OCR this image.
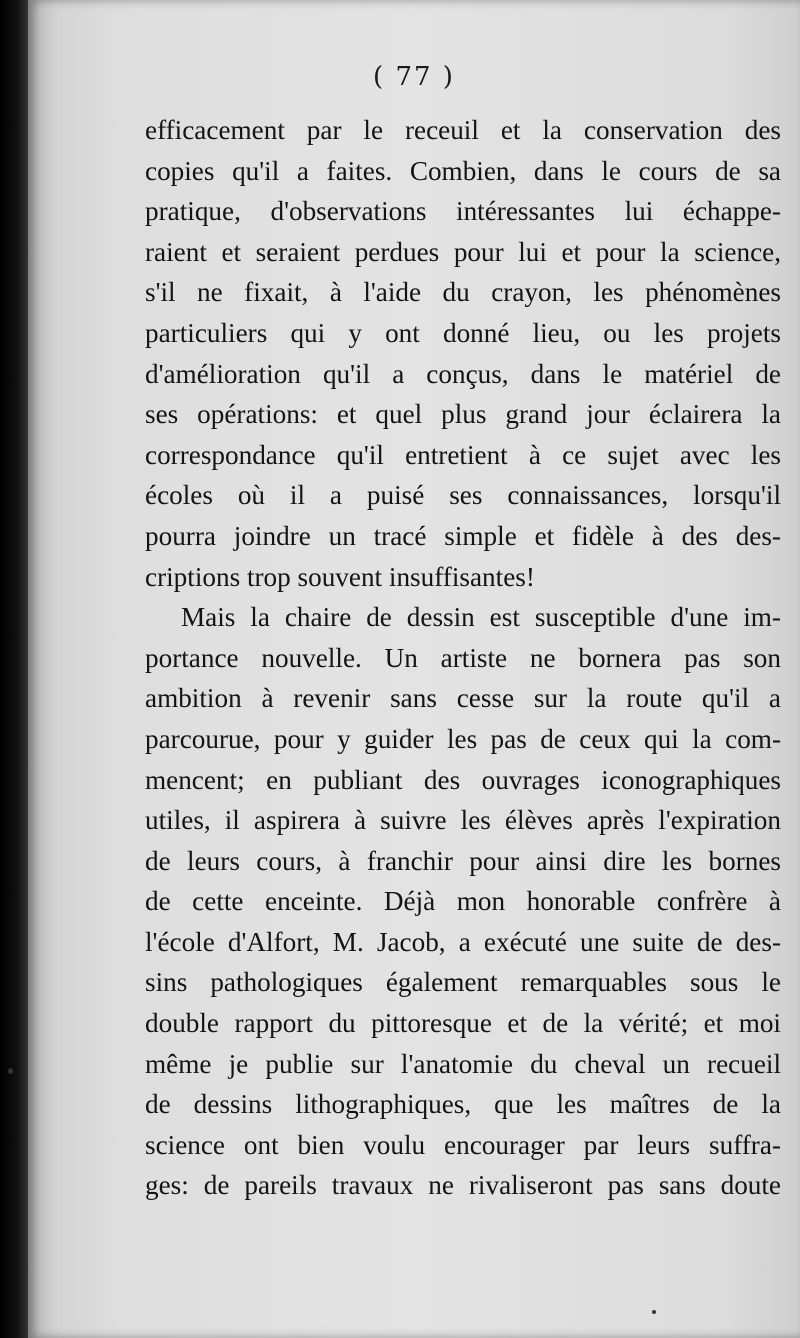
( 77 )
efficacement par le receuil et la conservation des
copies qu'il a faites. Combien, dans le cours de sa
pratique, d'observations intéressantes lui échappe-
raient et seraient perdues pour lui et pour la science,
s'il ne fixait, à l'aide du crayon, les phénomènes
particuliers qui y ont donné lieu, ou les projets
d'amélioration qu'il a conçus, dans le matériel de
ses opérations: et quel plus grand jour éclairera la
correspondance qu'il entretient à ce sujet avec les
écoles où il a puisé ses connaissances, lorsqu'il
pourra joindre un tracé simple et fidèle à des des-
criptions trop souvent insuffisantes!
Mais la chaire de dessin est susceptible d'une im-
portance nouvelle. Un artiste ne bornera pas son
ambition à revenir sans cesse sur la route qu'il a
parcourue, pour y guider les pas de ceux qui la com-
mencent; en publiant des ouvrages iconographiques
utiles, il aspirera à suivre les élèves après l'expiration
de leurs cours, à franchir pour ainsi dire les bornes
de cette enceinte. Déjà mon honorable confrère à
l'école d'Alfort, M. Jacob, a exécuté une suite de des-
sins pathologiques également remarquables sous le
double rapport du pittoresque et de la vérité; et moi
même je publie sur l'anatomie du cheval un recueil
de dessins lithographiques, que les maîtres de la
science ont bien voulu encourager par leurs suffra-
ges: de pareils travaux ne rivaliseront pas sans doute
